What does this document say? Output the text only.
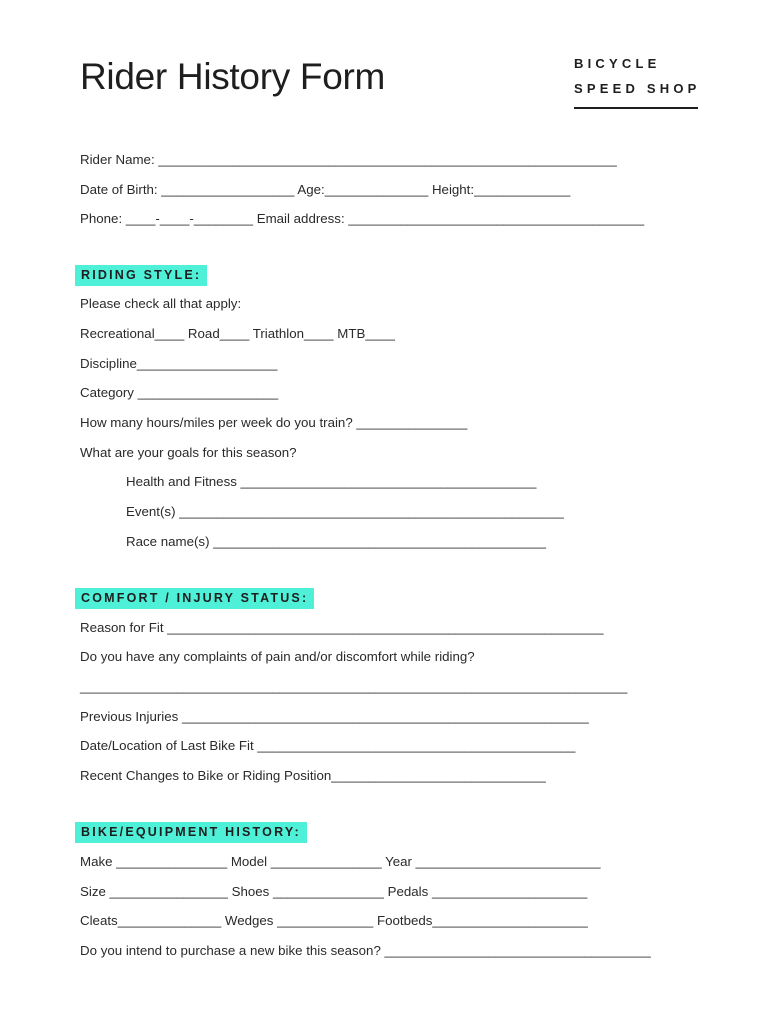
Rider History Form	BICYCLE
SPEED SHOP
Rider Name: ______________________________________________________________
Date of Birth: __________________ Age:______________ Height:_____________
Phone: ____-____-________ Email address: ________________________________________
RIDING STYLE:
Please check all that apply:
Recreational____ Road____ Triathlon____ MTB____
Discipline___________________
Category ___________________
How many hours/miles per week do you train? _______________
What are your goals for this season?
Health and Fitness ________________________________________
Event(s) ____________________________________________________
Race name(s) _____________________________________________
COMFORT / INJURY STATUS:
Reason for Fit ___________________________________________________________
Do you have any complaints of pain and/or discomfort while riding?
__________________________________________________________________________
Previous Injuries _______________________________________________________
Date/Location of Last Bike Fit ___________________________________________
Recent Changes to Bike or Riding Position_____________________________
BIKE/EQUIPMENT HISTORY:
Make _______________ Model _______________ Year _________________________
Size ________________ Shoes _______________ Pedals _____________________
Cleats______________ Wedges _____________ Footbeds_____________________
Do you intend to purchase a new bike this season? ____________________________________
